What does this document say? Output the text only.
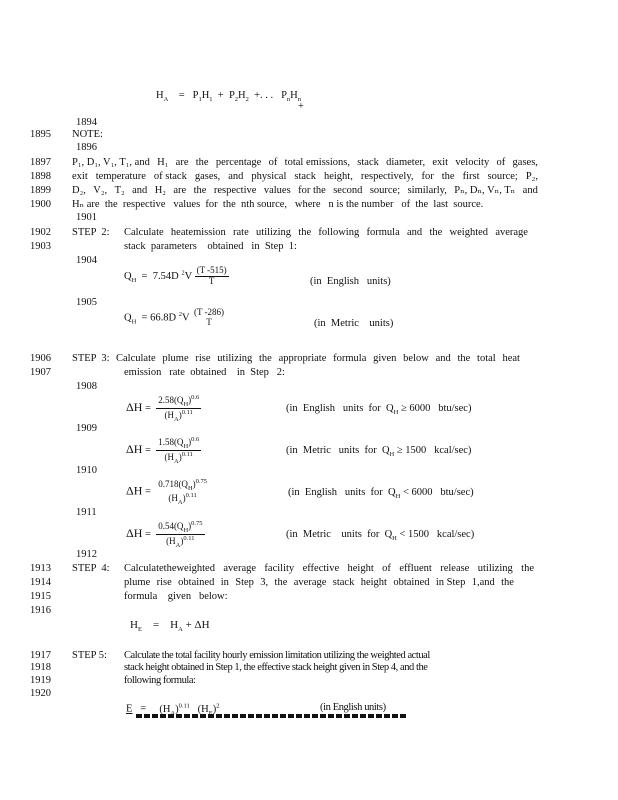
$H_A = P_1H_1 + P_2H_2$ +. . . $P_nH_n$
+
1894
1895 NOTE:
1896
1897 P₁, D₁, V₁, T₁, and H₁ are the percentage of total emissions, stack diameter, exit velocity of gases,
1898 exit temperature of stack gases, and physical stack height, respectively, for the first source; P₂,
1899 D₂, V₂, T₂ and H₂ are the respective values for the second source; similarly, Pₙ, Dₙ, Vₙ, Tₙ and
1900 Hₙ are  the  respective   values  for  the  nth source,   where   n is the number   of  the  last  source.
1901
1902 STEP  2: Calculate heatemission rate utilizing the following formula and the weighted average
1903	stack  parameters    obtained   in  Step  1:
1904
$Q_H = 7.54D$ $^2V \frac{(T -515)}{T}$	(in  English   units)
1905
$Q_H = 66.8D$ $^2$V
(T -286)
T	(in  Metric    units)
1906 STEP  3: Calculate plume rise utilizing the appropriate formula given below and the total heat
1907	emission   rate  obtained    in  Step   2:
1908
$\Delta H = \frac{2.58(Q_H)^{0.6}}{(H_A)^{0.11}}$	(in  English   units  for  $Q_H \ge 6000$   btu/sec)
1909
$\Delta H = \frac{1.58(Q_H)^{0.6}}{(H_A)^{0.11}}$	(in  Metric   units  for  $Q_H \ge 1500$   kcal/sec)
1910
ΔH =
$0.718(Q_H)^{0.75}$
$(H_A)^{0.11}$	(in  English   units  for  $Q_H < 6000$   btu/sec)
1911
$\Delta H = \frac{0.54(Q_H)^{0.75}}{(H_A)^{0.11}}$	(in  Metric    units  for  $Q_H < 1500$   kcal/sec)
1912
1913 STEP  4: Calculatetheweighted average facility effective height of effluent release utilizing the
1914	plume rise obtained in Step 3, the average stack height obtained in Step 1,and the
1915	formula    given   below:
1916
$H_E = H_A + \Delta H$
1917 STEP 5: Calculate the total facility hourly emission limitation utilizing the weighted actual
1918	stack height obtained in Step 1, the effective stack height given in Step 4, and the
1919	following formula:
1920
E = (H )$^{0.11}$ (H )$^2$	(in English units)
